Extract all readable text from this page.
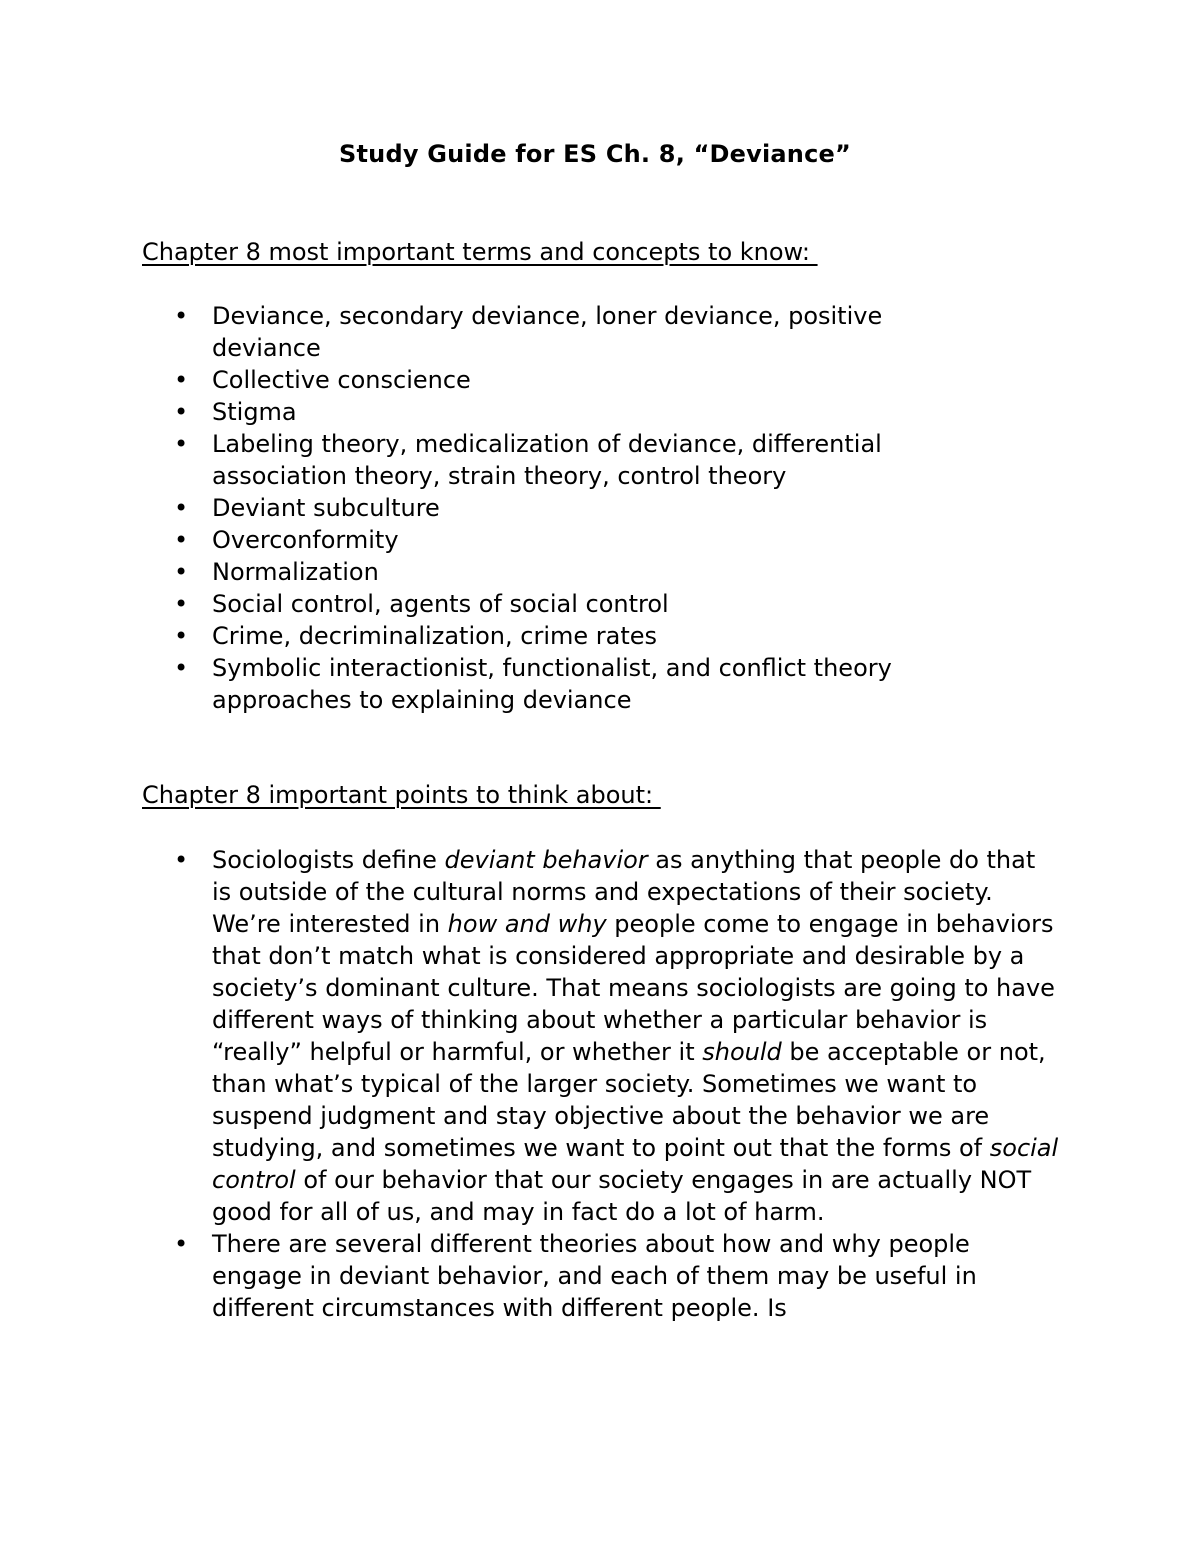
Study Guide for ES Ch. 8, “Deviance”
Chapter 8 most important terms and concepts to know:
• Deviance, secondary deviance, loner deviance, positive deviance
• Collective conscience
• Stigma
• Labeling theory, medicalization of deviance, differential association theory, strain theory, control theory
• Deviant subculture
• Overconformity
• Normalization
• Social control, agents of social control
• Crime, decriminalization, crime rates
• Symbolic interactionist, functionalist, and conflict theory approaches to explaining deviance
Chapter 8 important points to think about:
• Sociologists define deviant behavior as anything that people do that is outside of the cultural norms and expectations of their society. We’re interested in how and why people come to engage in behaviors that don’t match what is considered appropriate and desirable by a society’s dominant culture. That means sociologists are going to have different ways of thinking about whether a particular behavior is “really” helpful or harmful, or whether it should be acceptable or not, than what’s typical of the larger society. Sometimes we want to suspend judgment and stay objective about the behavior we are studying, and sometimes we want to point out that the forms of social control of our behavior that our society engages in are actually NOT good for all of us, and may in fact do a lot of harm.
• There are several different theories about how and why people engage in deviant behavior, and each of them may be useful in different circumstances with different people. Is
